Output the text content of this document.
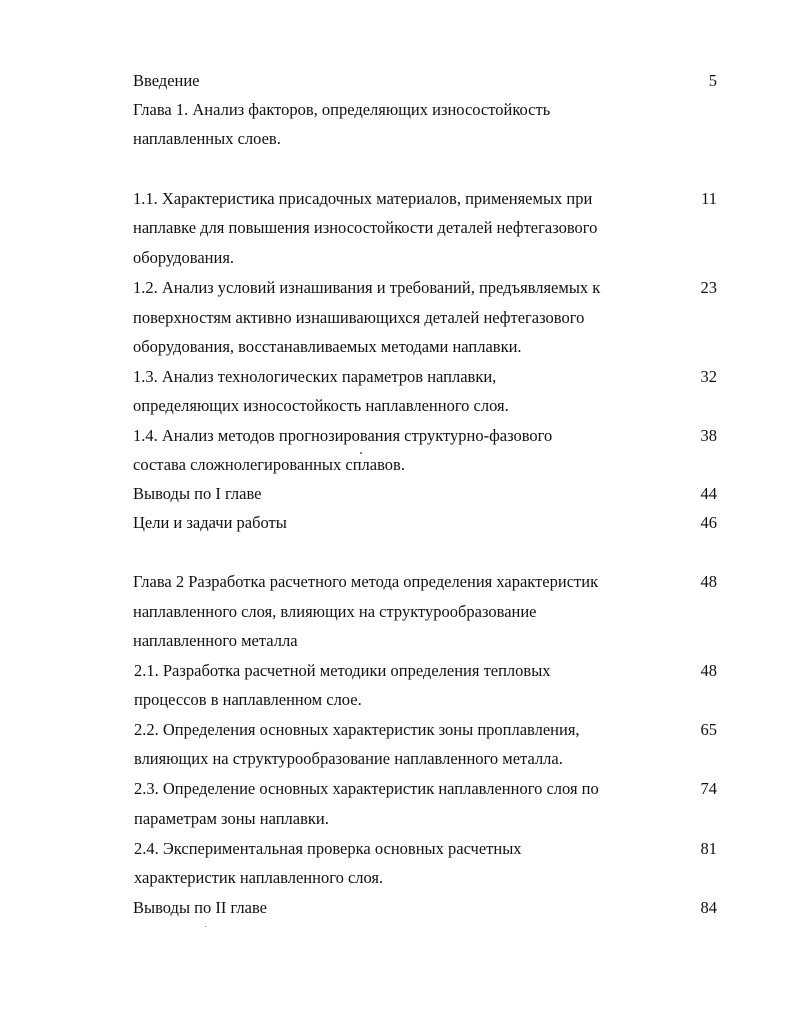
Введение	5
Глава 1. Анализ факторов, определяющих износостойкость
наплавленных слоев.
1.1. Характеристика присадочных материалов, применяемых при	11
наплавке для повышения износостойкости деталей нефтегазового
оборудования.
1.2. Анализ условий изнашивания и требований, предъявляемых к	23
поверхностям активно изнашивающихся деталей нефтегазового
оборудования, восстанавливаемых методами наплавки.
1.3. Анализ технологических параметров наплавки,	32
определяющих износостойкость наплавленного слоя.
1.4. Анализ методов прогнозирования структурно-фазового	38
состава сложнолегированных сплавов.
Выводы по I главе	44
Цели и задачи работы	46
Глава 2 Разработка расчетного метода определения характеристик	48
наплавленного слоя, влияющих на структурообразование
наплавленного металла
2.1. Разработка расчетной методики определения тепловых	48
процессов в наплавленном слое.
2.2. Определения основных характеристик зоны проплавления,	65
влияющих на структурообразование наплавленного металла.
2.3. Определение основных характеристик наплавленного слоя по	74
параметрам зоны наплавки.
2.4. Экспериментальная проверка основных расчетных	81
характеристик наплавленного слоя.
Выводы по II главе	84
